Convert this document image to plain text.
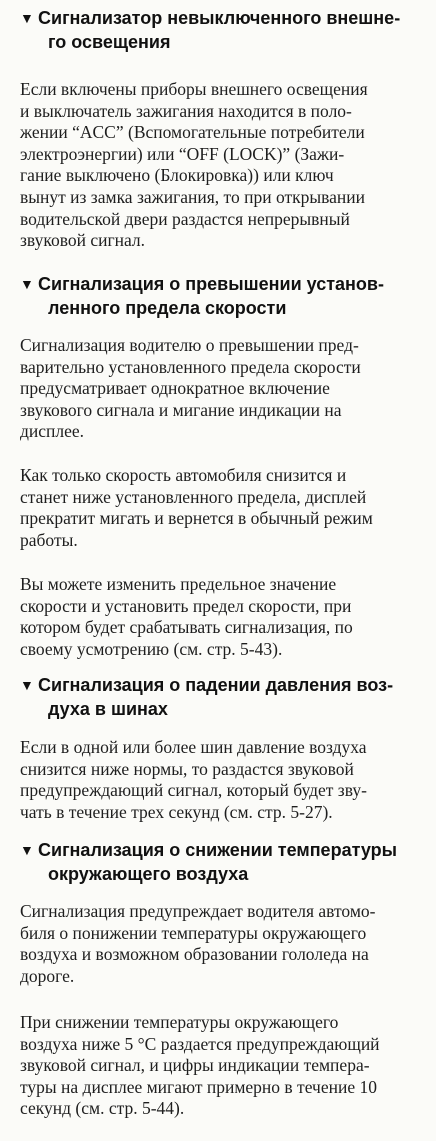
▼ Сигнализатор невыключенного внешне-
го освещения
Если включены приборы внешнего освещения
и выключатель зажигания находится в поло-
жении “ACC” (Вспомогательные потребители
электроэнергии) или “OFF (LOCK)” (Зажи-
гание выключено (Блокировка)) или ключ
вынут из замка зажигания, то при открывании
водительской двери раздастся непрерывный
звуковой сигнал.
▼ Сигнализация о превышении установ-
ленного предела скорости
Сигнализация водителю о превышении пред-
варительно установленного предела скорости
предусматривает однократное включение
звукового сигнала и мигание индикации на
дисплее.
Как только скорость автомобиля снизится и
станет ниже установленного предела, дисплей
прекратит мигать и вернется в обычный режим
работы.
Вы можете изменить предельное значение
скорости и установить предел скорости, при
котором будет срабатывать сигнализация, по
своему усмотрению (см. стр. 5-43).
▼ Сигнализация о падении давления воз-
духа в шинах
Если в одной или более шин давление воздуха
снизится ниже нормы, то раздастся звуковой
предупреждающий сигнал, который будет зву-
чать в течение трех секунд (см. стр. 5-27).
▼ Сигнализация о снижении температуры
окружающего воздуха
Сигнализация предупреждает водителя автомо-
биля о понижении температуры окружающего
воздуха и возможном образовании гололеда на
дороге.
При снижении температуры окружающего
воздуха ниже 5 °С раздается предупреждающий
звуковой сигнал, и цифры индикации темпера-
туры на дисплее мигают примерно в течение 10
секунд (см. стр. 5-44).
